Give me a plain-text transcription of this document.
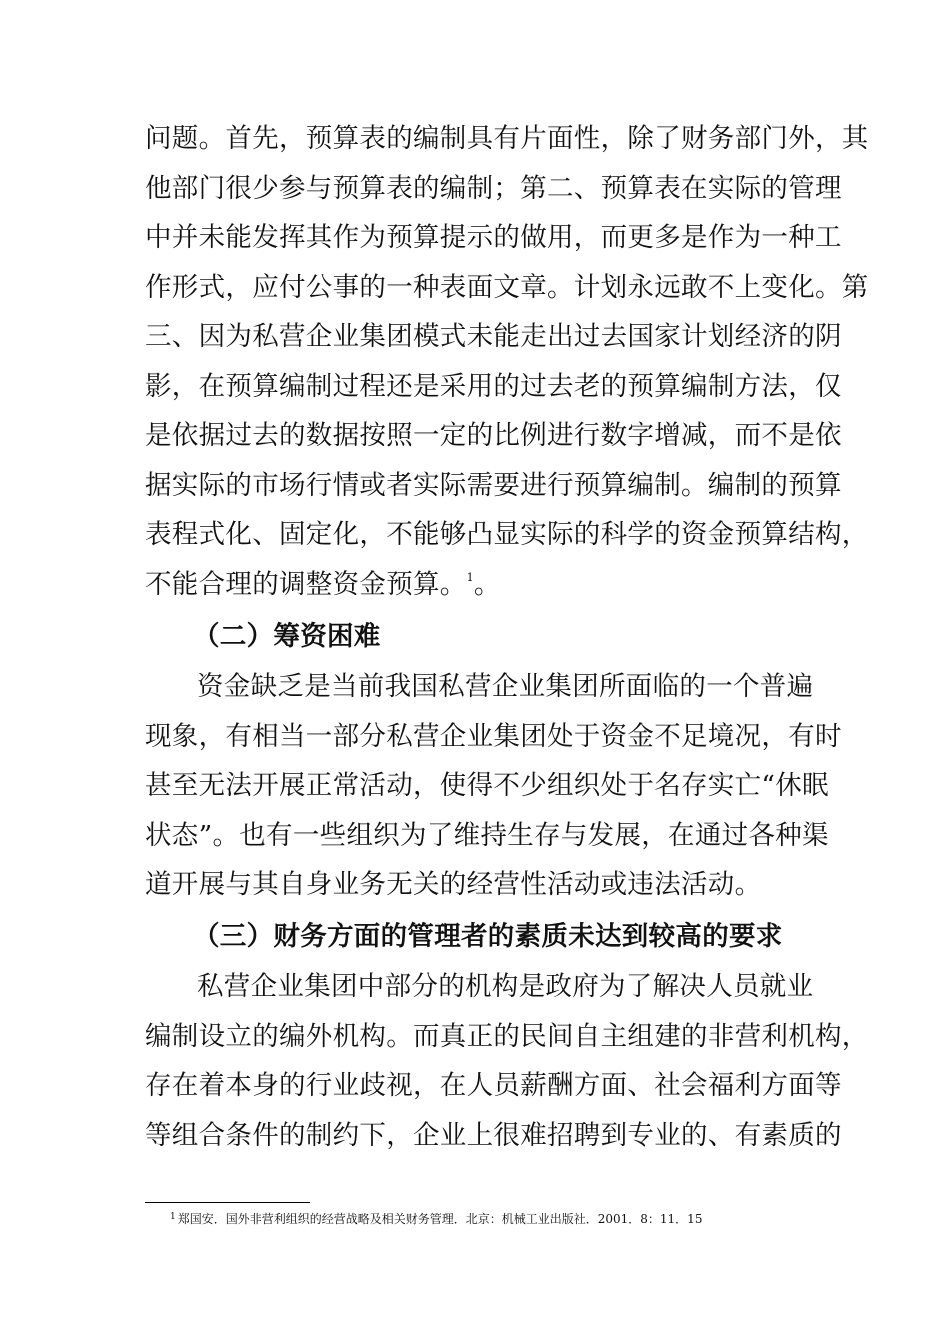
问题。首先，预算表的编制具有片面性，除了财务部门外，其
他部门很少参与预算表的编制；第二、预算表在实际的管理
中并未能发挥其作为预算提示的做用，而更多是作为一种工
作形式，应付公事的一种表面文章。计划永远敢不上变化。第
三、因为私营企业集团模式未能走出过去国家计划经济的阴
影，在预算编制过程还是采用的过去老的预算编制方法，仅
是依据过去的数据按照一定的比例进行数字增减，而不是依
据实际的市场行情或者实际需要进行预算编制。编制的预算
表程式化、固定化，不能够凸显实际的科学的资金预算结构，
不能合理的调整资金预算。$^1$。
（二）筹资困难
资金缺乏是当前我国私营企业集团所面临的一个普遍
现象，有相当一部分私营企业集团处于资金不足境况，有时
甚至无法开展正常活动，使得不少组织处于名存实亡“休眠
状态”。也有一些组织为了维持生存与发展，在通过各种渠
道开展与其自身业务无关的经营性活动或违法活动。
（三）财务方面的管理者的素质未达到较高的要求
私营企业集团中部分的机构是政府为了解决人员就业
编制设立的编外机构。而真正的民间自主组建的非营利机构，
存在着本身的行业歧视，在人员薪酬方面、社会福利方面等
等组合条件的制约下，企业上很难招聘到专业的、有素质的
$^1$ 郑国安．国外非营利组织的经营战略及相关财务管理．北京：机械工业出版社．2001．8：11．15
